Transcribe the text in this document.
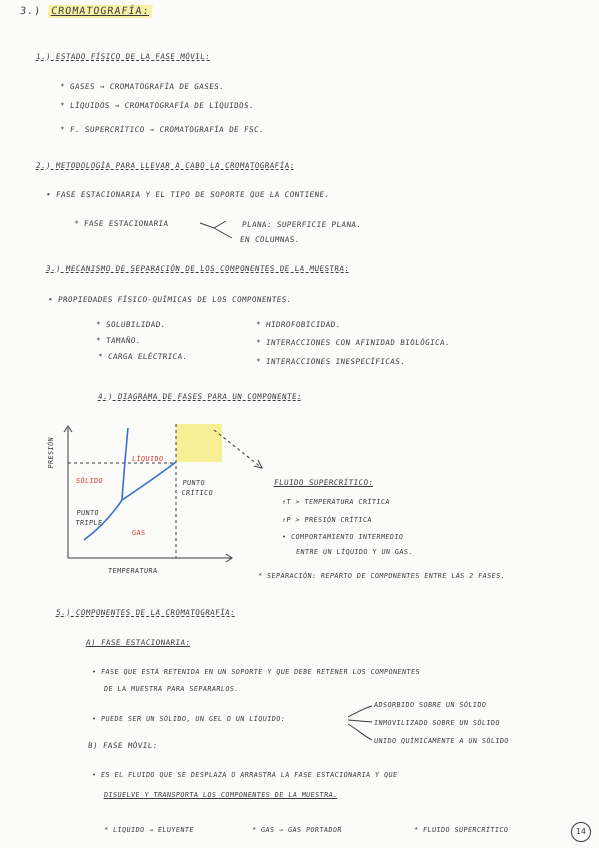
3.) CROMATOGRAFÍA:
1.) ESTADO FÍSICO DE LA FASE MÓVIL:
* GASES → CROMATOGRAFÍA DE GASES.
* LÍQUIDOS → CROMATOGRAFÍA DE LÍQUIDOS.
* F. SUPERCRÍTICO → CROMATOGRAFÍA DE FSC.
2.) METODOLOGÍA PARA LLEVAR A CABO LA CROMATOGRAFÍA:
• FASE ESTACIONARIA Y EL TIPO DE SOPORTE QUE LA CONTIENE.
* FASE ESTACIONARIA	PLANA: SUPERFICIE PLANA.
EN COLUMNAS.
3.) MECANISMO DE SEPARACIÓN DE LOS COMPONENTES DE LA MUESTRA:
• PROPIEDADES FÍSICO-QUÍMICAS DE LOS COMPONENTES.
* SOLUBILIDAD.
* TAMAÑO.
* CARGA ELÉCTRICA.
* HIDROFOBICIDAD.
* INTERACCIONES CON AFINIDAD BIOLÓGICA.
* INTERACCIONES INESPECÍFICAS.
4.) DIAGRAMA DE FASES PARA UN COMPONENTE:
PRESIÓN	LÍQUIDO
SÓLIDO
GAS
PUNTO TRIPLE
PUNTO CRÍTICO
TEMPERATURA
FLUIDO SUPERCRÍTICO:
↑T > TEMPERATURA CRÍTICA
↑P > PRESIÓN CRÍTICA
• COMPORTAMIENTO INTERMEDIO
ENTRE UN LÍQUIDO Y UN GAS.
* SEPARACIÓN: REPARTO DE COMPONENTES ENTRE LAS 2 FASES.
5.) COMPONENTES DE LA CROMATOGRAFÍA:
A) FASE ESTACIONARIA:
• FASE QUE ESTÁ RETENIDA EN UN SOPORTE Y QUE DEBE RETENER LOS COMPONENTES
DE LA MUESTRA PARA SEPARARLOS.
• PUEDE SER UN SÓLIDO, UN GEL O UN LÍQUIDO:
ADSORBIDO SOBRE UN SÓLIDO
INMOVILIZADO SOBRE UN SÓLIDO
UNIDO QUÍMICAMENTE A UN SÓLIDO
B) FASE MÓVIL:
• ES EL FLUIDO QUE SE DESPLAZA O ARRASTRA LA FASE ESTACIONARIA Y QUE
DISUELVE Y TRANSPORTA LOS COMPONENTES DE LA MUESTRA.
* LÍQUIDO → ELUYENTE	* GAS → GAS PORTADOR	* FLUIDO SUPERCRÍTICO	14
